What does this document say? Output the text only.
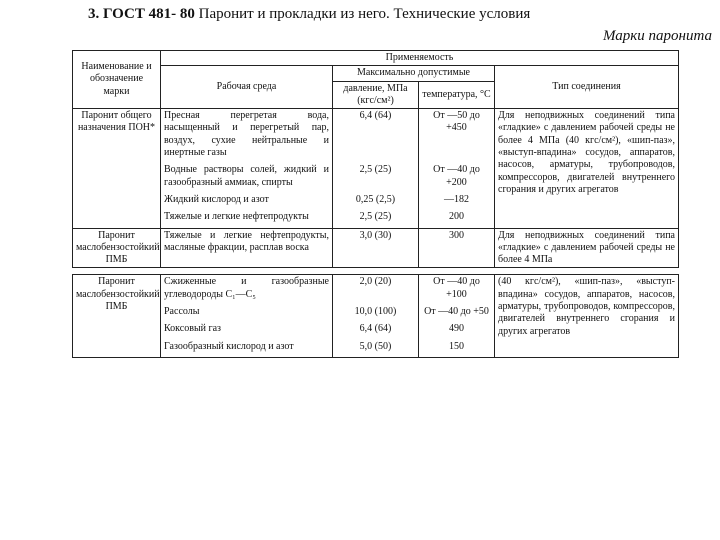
3. ГОСТ 481- 80 Паронит и прокладки из него. Технические условия
Марки паронита
Наименование и обозначение марки	Применяемость			
	Рабочая среда	Максимально допустимые		Тип соединения
		давление, МПа (кгс/см²)	температура, °С	
Паронит общего назначения ПОН*	Пресная перегретая вода, насыщенный и перегретый пар, воздух, сухие нейтральные и инертные газы	6,4 (64)	От —50 до +450	Для неподвижных соединений типа «гладкие» с давлением рабочей среды не более 4 МПа (40 кгс/см²), «шип-паз», «выступ-впадина» сосудов, аппаратов, насосов, арматуры, трубопроводов, компрессоров, двигателей внутреннего сгорания и других агрегатов
	Водные растворы солей, жидкий и газообразный аммиак, спирты	2,5 (25)	От —40 до +200	
	Жидкий кислород и азот	0,25 (2,5)	—182	
	Тяжелые и легкие нефтепродукты	2,5 (25)	200	
Паронит маслобензостойкий ПМБ	Тяжелые и легкие нефтепродукты, масляные фракции, расплав воска	3,0 (30)	300	Для неподвижных соединений типа «гладкие» с давлением рабочей среды не более 4 МПа

Паронит маслобензостойкий ПМБ	Сжиженные и газообразные углеводороды С₁—С₅	2,0 (20)	От —40 до +100	(40 кгс/см²), «шип-паз», «выступ-впадина» сосудов, аппаратов, насосов, арматуры, трубопроводов, компрессоров, двигателей внутреннего сгорания и других агрегатов
	Рассолы	10,0 (100)	От —40 до +50	
	Коксовый газ	6,4 (64)	490	
	Газообразный кислород и азот	5,0 (50)	150	
